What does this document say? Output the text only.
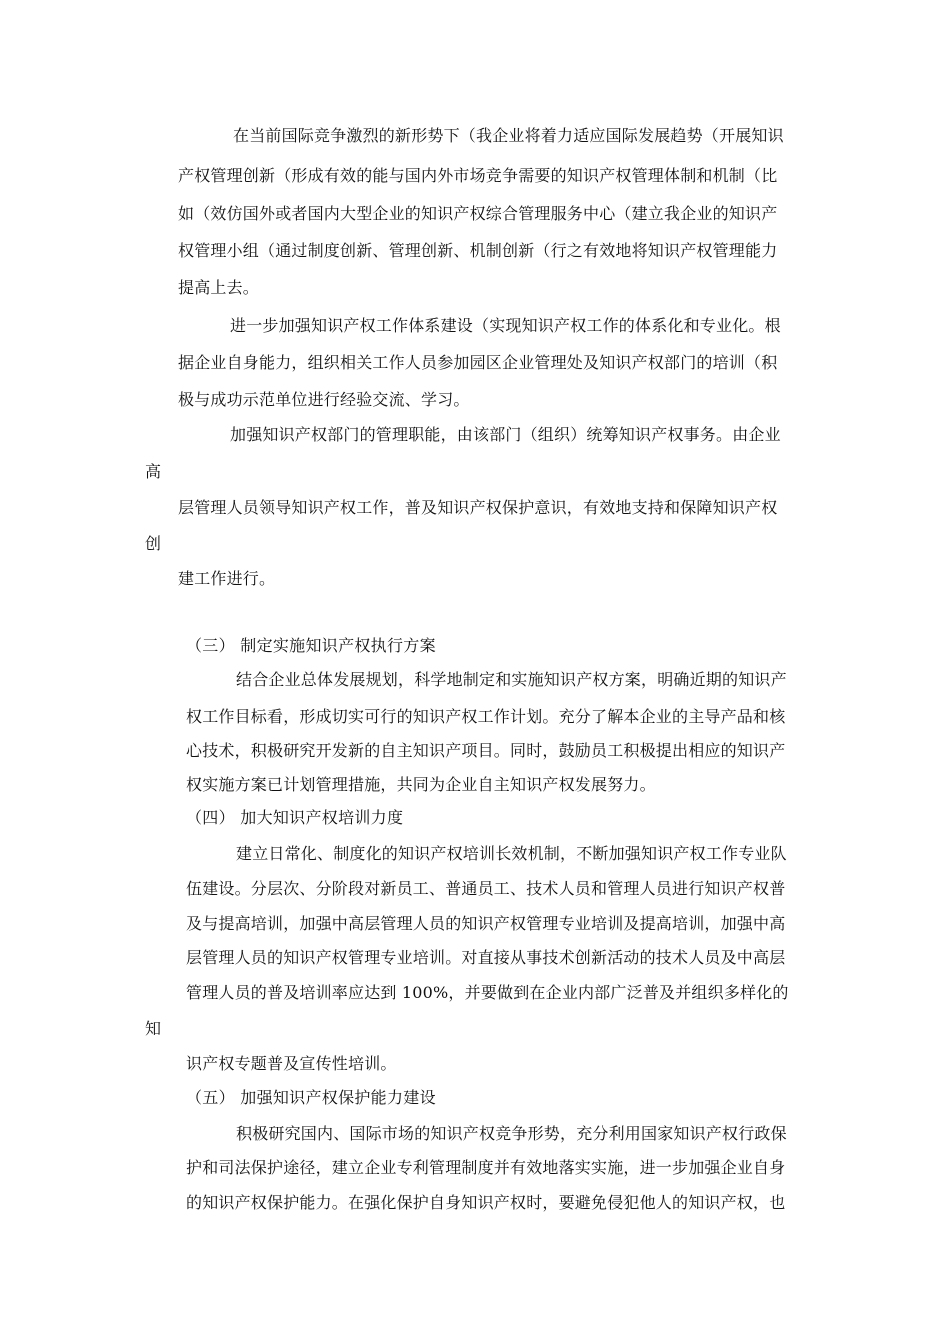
在当前国际竞争激烈的新形势下（我企业将着力适应国际发展趋势（开展知识

产权管理创新（形成有效的能与国内外市场竞争需要的知识产权管理体制和机制（比

如（效仿国外或者国内大型企业的知识产权综合管理服务中心（建立我企业的知识产

权管理小组（通过制度创新、管理创新、机制创新（行之有效地将知识产权管理能力

提高上去。

进一步加强知识产权工作体系建设（实现知识产权工作的体系化和专业化。根

据企业自身能力，组织相关工作人员参加园区企业管理处及知识产权部门的培训（积

极与成功示范单位进行经验交流、学习。

加强知识产权部门的管理职能，由该部门（组织）统筹知识产权事务。由企业

高

层管理人员领导知识产权工作，普及知识产权保护意识，有效地支持和保障知识产权

创

建工作进行。

（三） 制定实施知识产权执行方案

结合企业总体发展规划，科学地制定和实施知识产权方案，明确近期的知识产

权工作目标看，形成切实可行的知识产权工作计划。充分了解本企业的主导产品和核

心技术，积极研究开发新的自主知识产项目。同时，鼓励员工积极提出相应的知识产

权实施方案已计划管理措施，共同为企业自主知识产权发展努力。

（四） 加大知识产权培训力度

建立日常化、制度化的知识产权培训长效机制，不断加强知识产权工作专业队

伍建设。分层次、分阶段对新员工、普通员工、技术人员和管理人员进行知识产权普

及与提高培训，加强中高层管理人员的知识产权管理专业培训及提高培训，加强中高

层管理人员的知识产权管理专业培训。对直接从事技术创新活动的技术人员及中高层

管理人员的普及培训率应达到 100%，并要做到在企业内部广泛普及并组织多样化的

知

识产权专题普及宣传性培训。

（五） 加强知识产权保护能力建设

积极研究国内、国际市场的知识产权竞争形势，充分利用国家知识产权行政保

护和司法保护途径，建立企业专利管理制度并有效地落实实施，进一步加强企业自身

的知识产权保护能力。在强化保护自身知识产权时，要避免侵犯他人的知识产权，也
